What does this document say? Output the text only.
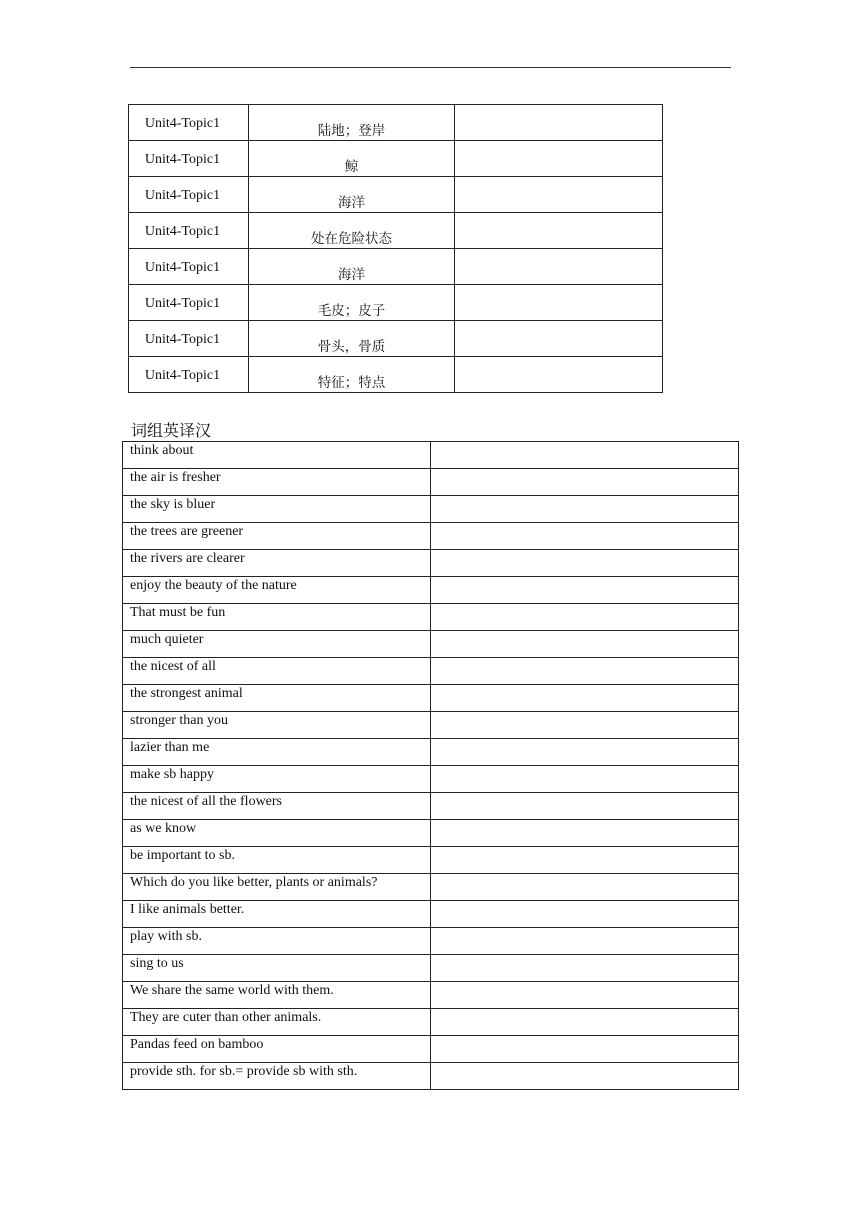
Unit4-Topic1	陆地；登岸	
Unit4-Topic1	鲸	
Unit4-Topic1	海洋	
Unit4-Topic1	处在危险状态	
Unit4-Topic1	海洋	
Unit4-Topic1	毛皮；皮子	
Unit4-Topic1	骨头，骨质	
Unit4-Topic1	特征；特点	
词组英译汉
think about	
the air is fresher	
the sky is bluer	
the trees are greener	
the rivers are clearer	
enjoy the beauty of the nature	
That must be fun	
much quieter	
the nicest of all	
the strongest animal	
stronger than you	
lazier than me	
make sb happy	
the nicest of all the flowers	
as we know	
be important to sb.	
Which do you like better, plants or animals?	
I like animals better.	
play with sb.	
sing to us	
We share the same world with them.	
They are cuter than other animals.	
Pandas feed on bamboo	
provide sth. for sb.= provide sb with sth.	
